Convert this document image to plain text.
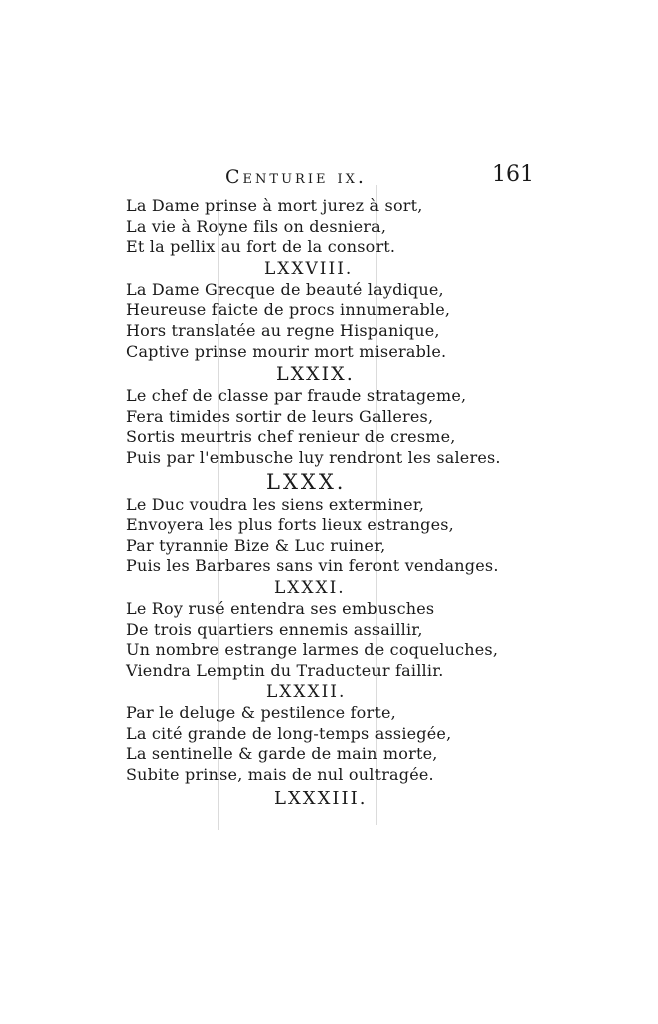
Centurie ix.	161
La Dame prinse à mort jurez à sort,
La vie à Royne fils on desniera,
Et la pellix au fort de la consort.
LXXVIII.
La Dame Grecque de beauté laydique,
Heureuse faicte de procs innumerable,
Hors translatée au regne Hispanique,
Captive prinse mourir mort miserable.
LXXIX.
Le chef de classe par fraude stratageme,
Fera timides sortir de leurs Galleres,
Sortis meurtris chef renieur de cresme,
Puis par l'embusche luy rendront les saleres.
LXXX.
Le Duc voudra les siens exterminer,
Envoyera les plus forts lieux estranges,
Par tyrannie Bize & Luc ruiner,
Puis les Barbares sans vin feront vendanges.
LXXXI.
Le Roy rusé entendra ses embusches
De trois quartiers ennemis assaillir,
Un nombre estrange larmes de coqueluches,
Viendra Lemptin du Traducteur faillir.
LXXXII.
Par le deluge & pestilence forte,
La cité grande de long-temps assiegée,
La sentinelle & garde de main morte,
Subite prinse, mais de nul oultragée.
LXXXIII.
